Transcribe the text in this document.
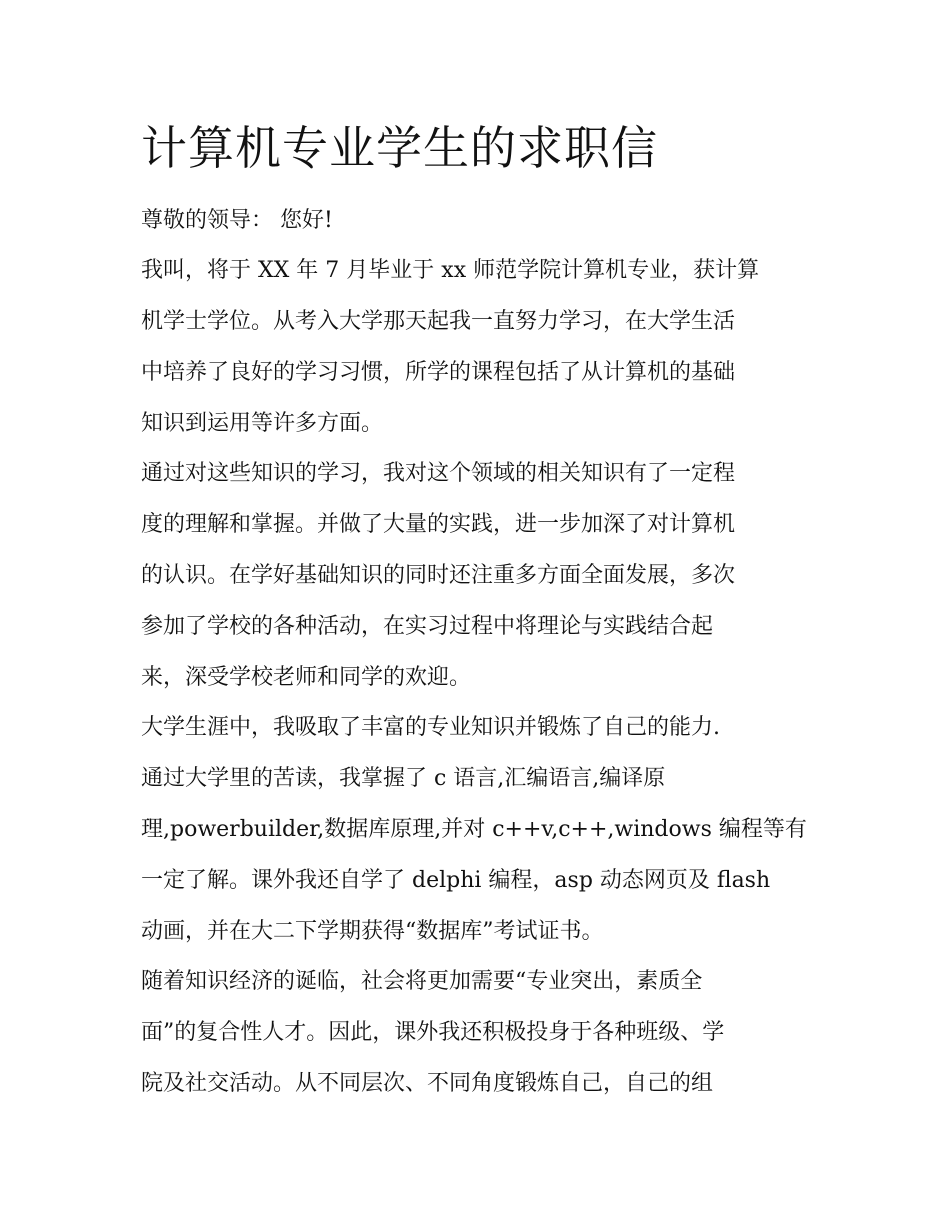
计算机专业学生的求职信
尊敬的领导： 您好!
我叫，将于 XX 年 7 月毕业于 xx 师范学院计算机专业，获计算
机学士学位。从考入大学那天起我一直努力学习，在大学生活
中培养了良好的学习习惯，所学的课程包括了从计算机的基础
知识到运用等许多方面。
通过对这些知识的学习，我对这个领域的相关知识有了一定程
度的理解和掌握。并做了大量的实践，进一步加深了对计算机
的认识。在学好基础知识的同时还注重多方面全面发展，多次
参加了学校的各种活动，在实习过程中将理论与实践结合起
来，深受学校老师和同学的欢迎。
大学生涯中，我吸取了丰富的专业知识并锻炼了自己的能力.
通过大学里的苦读，我掌握了 c 语言,汇编语言,编译原
理,powerbuilder,数据库原理,并对 c++v,c++,windows 编程等有
一定了解。课外我还自学了 delphi 编程，asp 动态网页及 flash
动画，并在大二下学期获得“数据库”考试证书。
随着知识经济的诞临，社会将更加需要“专业突出，素质全
面”的复合性人才。因此，课外我还积极投身于各种班级、学
院及社交活动。从不同层次、不同角度锻炼自己，自己的组
